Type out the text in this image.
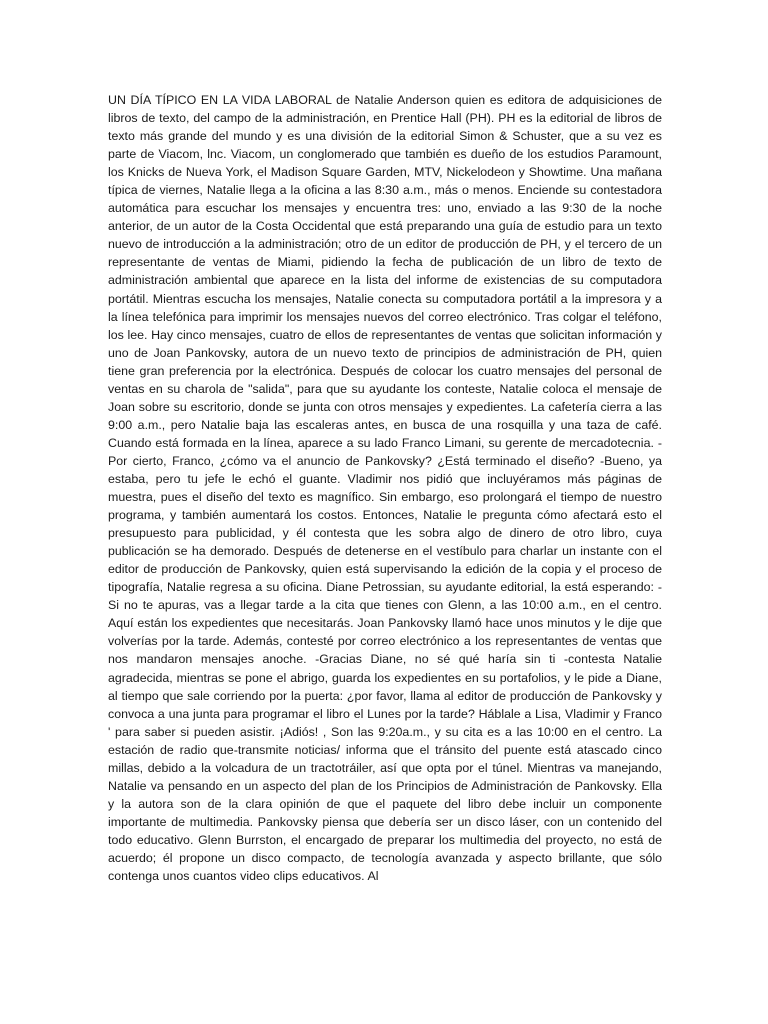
UN DÍA TÍPICO EN LA VIDA LABORAL de Natalie Anderson quien es editora de adquisiciones de libros de texto, del campo de la administración, en Prentice Hall (PH). PH es la editorial de libros de texto más grande del mundo y es una división de la editorial Simon & Schuster, que a su vez es parte de Viacom, lnc. Viacom, un conglomerado que también es dueño de los estudios Paramount, los Knicks de Nueva York, el Madison Square Garden, MTV, Nickelodeon y Showtime. Una mañana típica de viernes, Natalie llega a la oficina a las 8:30 a.m., más o menos. Enciende su contestadora automática para escuchar los mensajes y encuentra tres: uno, enviado a las 9:30 de la noche anterior, de un autor de la Costa Occidental que está preparando una guía de estudio para un texto nuevo de introducción a la administración; otro de un editor de producción de PH, y el tercero de un representante de ventas de Miami, pidiendo la fecha de publicación de un libro de texto de administración ambiental que aparece en la lista del informe de existencias de su computadora portátil. Mientras escucha los mensajes, Natalie conecta su computadora portátil a la impresora y a la línea telefónica para imprimir los mensajes nuevos del correo electrónico. Tras colgar el teléfono, los lee. Hay cinco mensajes, cuatro de ellos de representantes de ventas que solicitan información y uno de Joan Pankovsky, autora de un nuevo texto de principios de administración de PH, quien tiene gran preferencia por la electrónica. Después de colocar los cuatro mensajes del personal de ventas en su charola de "salida", para que su ayudante los conteste, Natalie coloca el mensaje de Joan sobre su escritorio, donde se junta con otros mensajes y expedientes. La cafetería cierra a las 9:00 a.m., pero Natalie baja las escaleras antes, en busca de una rosquilla y una taza de café. Cuando está formada en la línea, aparece a su lado Franco Limani, su gerente de mercadotecnia. -Por cierto, Franco, ¿cómo va el anuncio de Pankovsky? ¿Está terminado el diseño? -Bueno, ya estaba, pero tu jefe le echó el guante. Vladimir nos pidió que incluyéramos más páginas de muestra, pues el diseño del texto es magnífico. Sin embargo, eso prolongará el tiempo de nuestro programa, y también aumentará los costos. Entonces, Natalie le pregunta cómo afectará esto el presupuesto para publicidad, y él contesta que les sobra algo de dinero de otro libro, cuya publicación se ha demorado. Después de detenerse en el vestíbulo para charlar un instante con el editor de producción de Pankovsky, quien está supervisando la edición de la copia y el proceso de tipografía, Natalie regresa a su oficina. Diane Petrossian, su ayudante editorial, la está esperando: -Si no te apuras, vas a llegar tarde a la cita que tienes con Glenn, a las 10:00 a.m., en el centro. Aquí están los expedientes que necesitarás. Joan Pankovsky llamó hace unos minutos y le dije que volverías por la tarde. Además, contesté por correo electrónico a los representantes de ventas que nos mandaron mensajes anoche. -Gracias Diane, no sé qué haría sin ti -contesta Natalie agradecida, mientras se pone el abrigo, guarda los expedientes en su portafolios, y le pide a Diane, al tiempo que sale corriendo por la puerta: ¿por favor, llama al editor de producción de Pankovsky y convoca a una junta para programar el libro el Lunes por la tarde? Háblale a Lisa, Vladimir y Franco ' para saber si pueden asistir. ¡Adiós! , Son las 9:20a.m., y su cita es a las 10:00 en el centro. La estación de radio que-transmite noticias/ informa que el tránsito del puente está atascado cinco millas, debido a la volcadura de un tractotráiler, así que opta por el túnel. Mientras va manejando, Natalie va pensando en un aspecto del plan de los Principios de Administración de Pankovsky. Ella y la autora son de la clara opinión de que el paquete del libro debe incluir un componente importante de multimedia. Pankovsky piensa que debería ser un disco láser, con un contenido del todo educativo. Glenn Burrston, el encargado de preparar los multimedia del proyecto, no está de acuerdo; él propone un disco compacto, de tecnología avanzada y aspecto brillante, que sólo contenga unos cuantos video clips educativos. Al
